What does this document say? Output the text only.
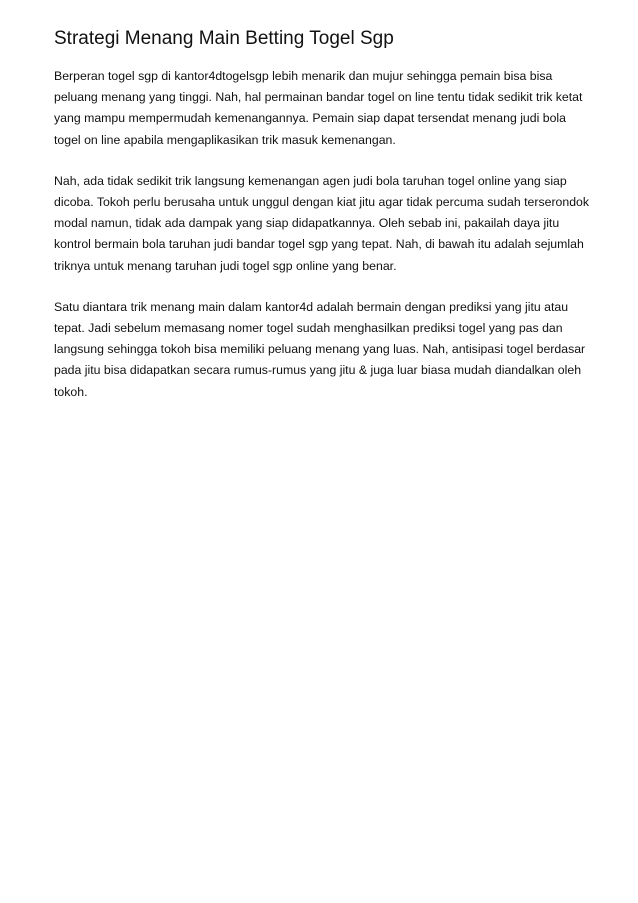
Strategi Menang Main Betting Togel Sgp

Berperan togel sgp di kantor4dtogelsgp lebih menarik dan mujur sehingga pemain bisa bisa peluang menang yang tinggi. Nah, hal permainan bandar togel on line tentu tidak sedikit trik ketat yang mampu mempermudah kemenangannya. Pemain siap dapat tersendat menang judi bola togel on line apabila mengaplikasikan trik masuk kemenangan.

Nah, ada tidak sedikit trik langsung kemenangan agen judi bola taruhan togel online yang siap dicoba. Tokoh perlu berusaha untuk unggul dengan kiat jitu agar tidak percuma sudah terserondok modal namun, tidak ada dampak yang siap didapatkannya. Oleh sebab ini, pakailah daya jitu kontrol bermain bola taruhan judi bandar togel sgp yang tepat. Nah, di bawah itu adalah sejumlah triknya untuk menang taruhan judi togel sgp online yang benar.

Satu diantara trik menang main dalam kantor4d adalah bermain dengan prediksi yang jitu atau tepat. Jadi sebelum memasang nomer togel sudah menghasilkan prediksi togel yang pas dan langsung sehingga tokoh bisa memiliki peluang menang yang luas. Nah, antisipasi togel berdasar pada jitu bisa didapatkan secara rumus-rumus yang jitu & juga luar biasa mudah diandalkan oleh tokoh.
